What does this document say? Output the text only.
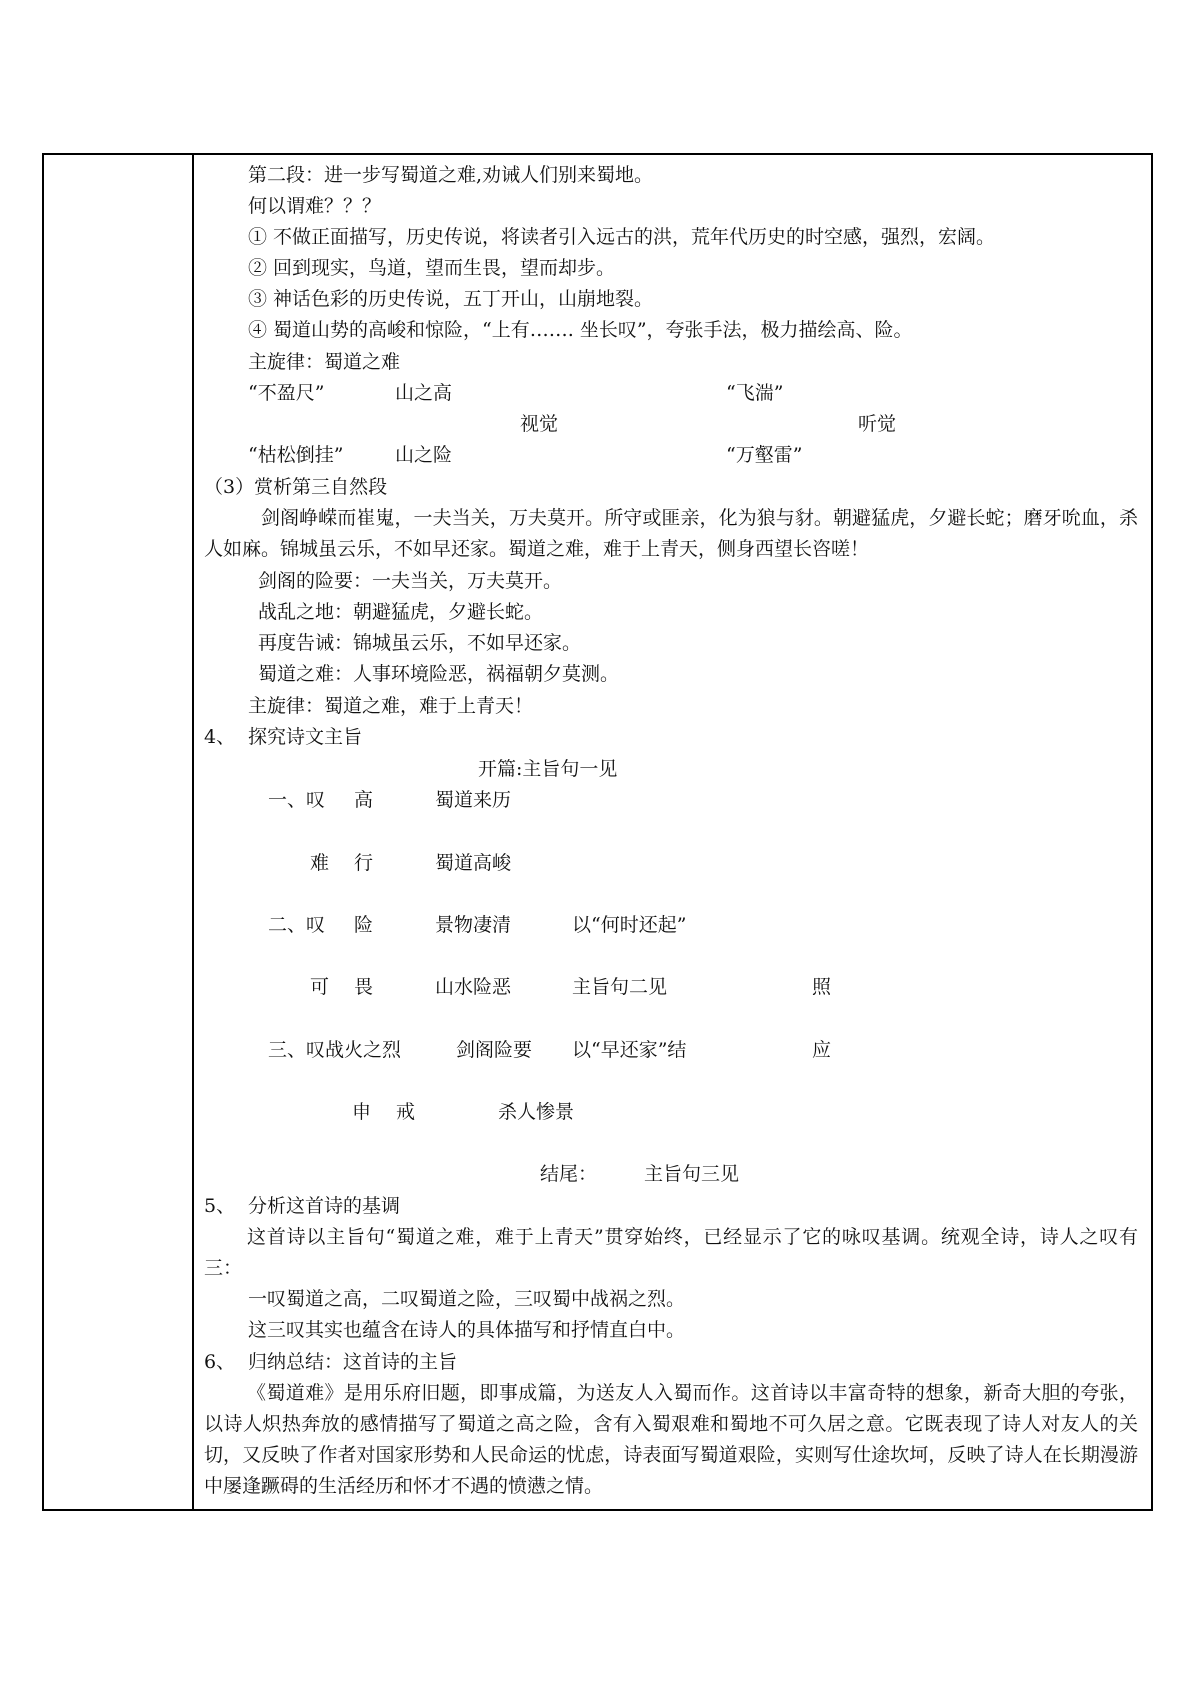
第二段：进一步写蜀道之难,劝诫人们别来蜀地。
何以谓难？？？
① 不做正面描写，历史传说，将读者引入远古的洪，荒年代历史的时空感，强烈，宏阔。
② 回到现实，鸟道，望而生畏，望而却步。
③ 神话色彩的历史传说，五丁开山，山崩地裂。
④ 蜀道山势的高峻和惊险，“上有……. 坐长叹”，夸张手法，极力描绘高、险。
主旋律：蜀道之难
“不盈尺”	山之高	“飞湍”
视觉	听觉
“枯松倒挂”	山之险	“万壑雷”
（3）赏析第三自然段
剑阁峥嵘而崔嵬，一夫当关，万夫莫开。所守或匪亲，化为狼与豺。朝避猛虎，夕避长蛇；磨牙吮血，杀人如麻。锦城虽云乐，不如早还家。蜀道之难，难于上青天，侧身西望长咨嗟！
剑阁的险要：一夫当关，万夫莫开。
战乱之地：朝避猛虎，夕避长蛇。
再度告诫：锦城虽云乐，不如早还家。
蜀道之难：人事环境险恶，祸福朝夕莫测。
主旋律：蜀道之难，难于上青天！
4、 探究诗文主旨
开篇:主旨句一见
一、叹 高	蜀道来历
难 行	蜀道高峻
二、叹 险	景物凄清	以“何时还起”
可 畏	山水险恶	主旨句二见	照
三、叹战火之烈	剑阁险要 以“早还家”结	应
申 戒	杀人惨景
结尾： 主旨句三见
5、 分析这首诗的基调
这首诗以主旨句“蜀道之难，难于上青天”贯穿始终，已经显示了它的咏叹基调。统观全诗，诗人之叹有三：
一叹蜀道之高，二叹蜀道之险，三叹蜀中战祸之烈。
这三叹其实也蕴含在诗人的具体描写和抒情直白中。
6、 归纳总结：这首诗的主旨
《蜀道难》是用乐府旧题，即事成篇，为送友人入蜀而作。这首诗以丰富奇特的想象，新奇大胆的夸张，以诗人炽热奔放的感情描写了蜀道之高之险，含有入蜀艰难和蜀地不可久居之意。它既表现了诗人对友人的关切，又反映了作者对国家形势和人民命运的忧虑，诗表面写蜀道艰险，实则写仕途坎坷，反映了诗人在长期漫游中屡逢蹶碍的生活经历和怀才不遇的愤懑之情。
